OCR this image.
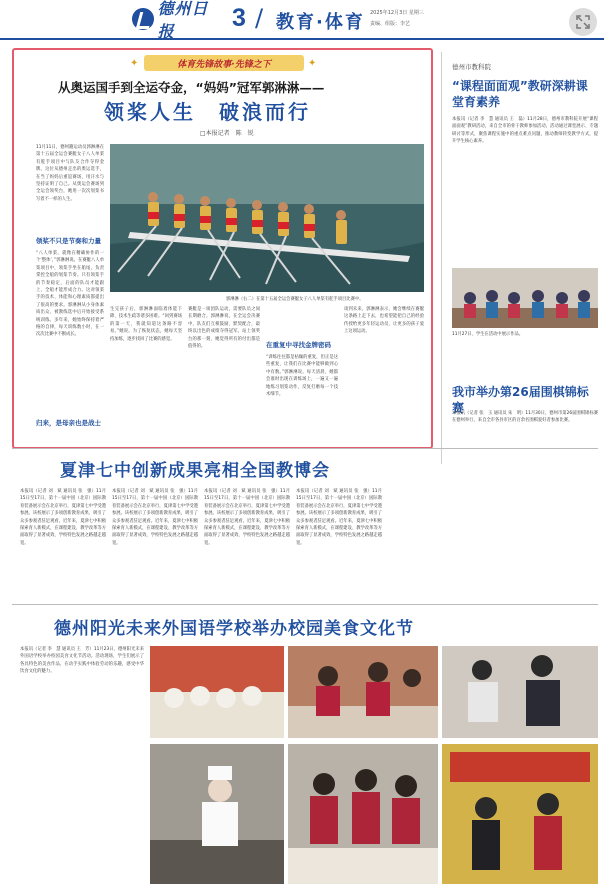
德州日报	3 / 教育·体育 2025年12月3日 星期三
责编、组版：李艺
✦	体育先锋故事·先锋之下	✦
从奥运国手到全运夺金，“妈妈”冠军郭淋淋——
领桨人生　破浪而行
□本报记者　陈　锐
11月11日，德州籍运动员郭淋淋在第十五届全运会赛艇女子八人单桨有舵手项目中与队友合作夺得金牌。这位从德州走出的奥运选手，在当了妈妈后重返赛场，用汗水与坚持证明了自己。从奥运会赛场到全运会领奖台，她用一次次划桨书写着不一样的人生。
领桨不只是节奏和力量
“八人单桨，就像在精确协作的一个‘整体’，”郭淋淋说。在赛艇八人单桨项目中，领桨手坐在船尾，负责掌控全船的划桨节奏。只有领桨手的节奏稳定，后面的队员才能跟上，全船才能形成合力。这对领桨手的技术、体能和心理素质都提出了很高的要求。郭淋淋从小身体素质出众，被教练选中后开始接受系统训练。多年来，她始终保持着严格的自律，每天训练数小时，在一次次比赛中不断成长。
归来，是母亲也是战士
郭淋淋（右二）在第十五届全运会赛艇女子八人单桨有舵手项目比赛中。
生完孩子后，郭淋淋面临着体能下降、技术生疏等诸多困难。“回到赛场的第一天，我就知道这条路不容易。”她说。为了恢复状态，她每天坚持加练，逐步找回了比赛的感觉。
赛艇是一项团队运动，需要队员之间长期磨合。郭淋淋说，在全运会决赛中，队友们互相鼓励、默契配合，最终以出色的成绩夺得冠军。站上领奖台的那一刻，她觉得所有的付出都是值得的。	在重复中寻找金牌密码
“训练往往都是枯燥的重复，但正是这些重复，让我们在比赛中能够做到心中有数。”郭淋淋说。每天清晨，她都会准时出现在训练场上，一遍又一遍地练习划桨动作，反复打磨每一个技术细节。
谈到未来，郭淋淋表示，她会继续在赛艇这条路上走下去，也希望能把自己的经验传授给更多年轻运动员，让更多的孩子爱上这项运动。
德州市教科院
“课程面面观”教研深耕课堂育素养
本报讯（记者 李　慧 通讯员 王　磊）11月28日，德州市教科院开展“课程面面观”教研活动，来自全市的骨干教师参加活动。活动通过课堂展示、专题研讨等形式，聚焦课程实施中的重点难点问题，推动教师转变教学方式，提升学生核心素养。
11月27日，学生在活动中展示作品。
我市举办第26届围棋锦标赛
夏津七中创新成果亮相全国教博会
本报讯（记者 刘　斌 通讯员 张　强）11月15日至17日，第十一届中国（北京）国际教育装备展示会在北京举行，夏津第七中学受邀参展。该校展示了多项创新教育成果，吸引了众多参观者驻足观看。近年来，夏津七中积极探索育人新模式，在课程建设、教学改革等方面取得了显著成效，学校特色发展之路越走越宽。
本报讯（记者 刘　斌 通讯员 张　强）11月15日至17日，第十一届中国（北京）国际教育装备展示会在北京举行，夏津第七中学受邀参展。该校展示了多项创新教育成果，吸引了众多参观者驻足观看。近年来，夏津七中积极探索育人新模式，在课程建设、教学改革等方面取得了显著成效，学校特色发展之路越走越宽。
本报讯（记者 刘　斌 通讯员 张　强）11月15日至17日，第十一届中国（北京）国际教育装备展示会在北京举行，夏津第七中学受邀参展。该校展示了多项创新教育成果，吸引了众多参观者驻足观看。近年来，夏津七中积极探索育人新模式，在课程建设、教学改革等方面取得了显著成效，学校特色发展之路越走越宽。
本报讯（记者 刘　斌 通讯员 张　强）11月15日至17日，第十一届中国（北京）国际教育装备展示会在北京举行，夏津第七中学受邀参展。该校展示了多项创新教育成果，吸引了众多参观者驻足观看。近年来，夏津七中积极探索育人新模式，在课程建设、教学改革等方面取得了显著成效，学校特色发展之路越走越宽。
本报讯（记者 张　玉 通讯员 朱　明）11月30日，德州市第26届围棋锦标赛在德州举行，来自全市各县市区的百余名围棋爱好者参加比赛。
德州阳光未来外国语学校举办校园美食文化节
本报讯（记者 李　慧 通讯员 王　芳）11月23日，德州阳光未来外国语学校举办校园美食文化节活动。活动现场，学生们展示了各具特色的美食作品，在动手实践中体验劳动的乐趣，感受中华饮食文化的魅力。
